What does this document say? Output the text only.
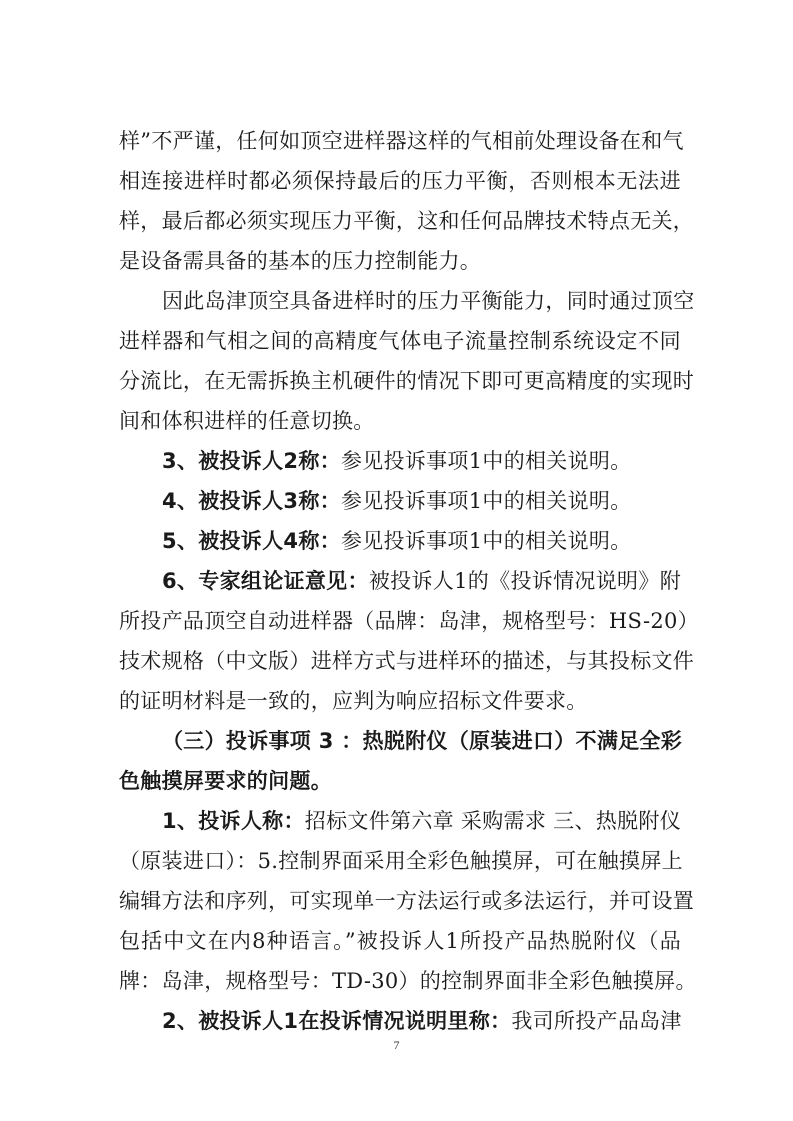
样”不严谨，任何如顶空进样器这样的气相前处理设备在和气
相连接进样时都必须保持最后的压力平衡，否则根本无法进
样，最后都必须实现压力平衡，这和任何品牌技术特点无关，
是设备需具备的基本的压力控制能力。
因此岛津顶空具备进样时的压力平衡能力，同时通过顶空
进样器和气相之间的高精度气体电子流量控制系统设定不同
分流比，在无需拆换主机硬件的情况下即可更高精度的实现时
间和体积进样的任意切换。
3、被投诉人2称：参见投诉事项1中的相关说明。
4、被投诉人3称：参见投诉事项1中的相关说明。
5、被投诉人4称：参见投诉事项1中的相关说明。
6、专家组论证意见：被投诉人1的《投诉情况说明》附
所投产品顶空自动进样器（品牌：岛津，规格型号：HS-20）
技术规格（中文版）进样方式与进样环的描述，与其投标文件
的证明材料是一致的，应判为响应招标文件要求。
（三）投诉事项 3 ：热脱附仪（原装进口）不满足全彩
色触摸屏要求的问题。
1、投诉人称：招标文件第六章 采购需求 三、热脱附仪
（原装进口）：5.控制界面采用全彩色触摸屏，可在触摸屏上
编辑方法和序列，可实现单一方法运行或多法运行，并可设置
包括中文在内8种语言。”被投诉人1所投产品热脱附仪（品
牌：岛津，规格型号：TD-30）的控制界面非全彩色触摸屏。
2、被投诉人1在投诉情况说明里称：我司所投产品岛津
7
